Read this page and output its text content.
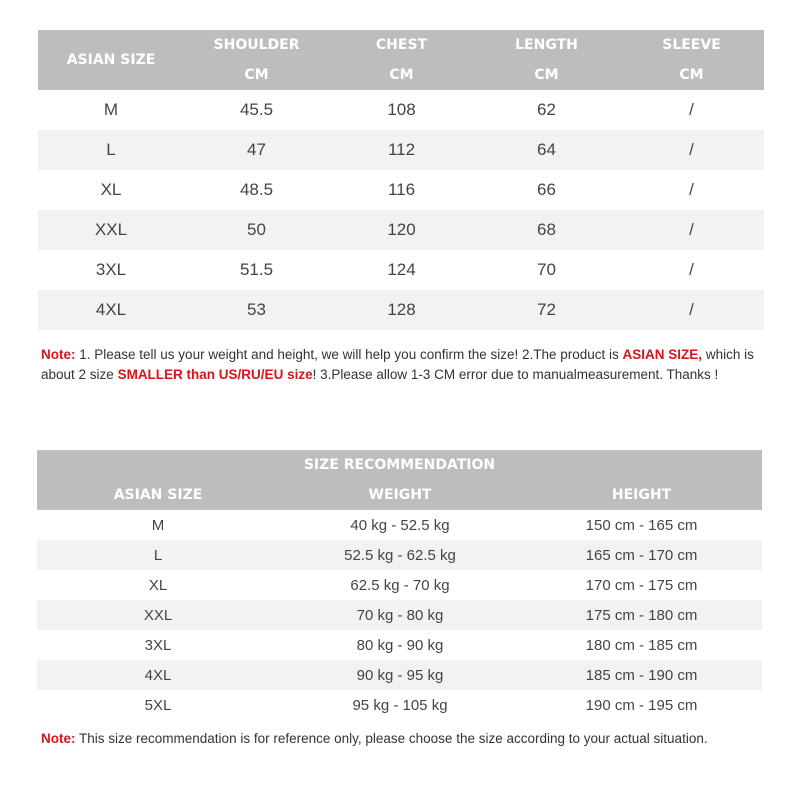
ASIAN SIZE	SHOULDER	CHEST	LENGTH	SLEEVE
	CM	CM	CM	CM
M	45.5	108	62	/
L	47	112	64	/
XL	48.5	116	66	/
XXL	50	120	68	/
3XL	51.5	124	70	/
4XL	53	128	72	/
Note: 1. Please tell us your weight and height, we will help you confirm the size! 2.The product is ASIAN SIZE, which is about 2 size SMALLER than US/RU/EU size! 3.Please allow 1-3 CM error due to manualmeasurement. Thanks !
SIZE RECOMMENDATION		
ASIAN SIZE	WEIGHT	HEIGHT
M	40 kg - 52.5 kg	150 cm - 165 cm
L	52.5 kg - 62.5 kg	165 cm - 170 cm
XL	62.5 kg - 70 kg	170 cm - 175 cm
XXL	70 kg - 80 kg	175 cm - 180 cm
3XL	80 kg - 90 kg	180 cm - 185 cm
4XL	90 kg - 95 kg	185 cm - 190 cm
5XL	95 kg - 105 kg	190 cm - 195 cm
Note: This size recommendation is for reference only, please choose the size according to your actual situation.
